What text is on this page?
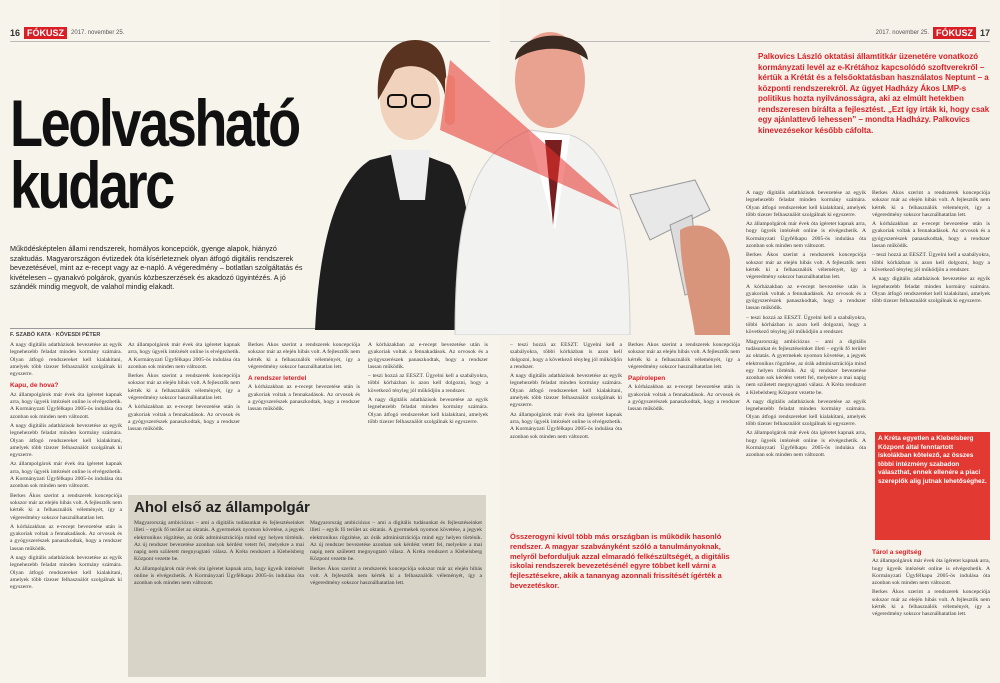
16 FÓKUSZ	2017. november 25.
Leolvasható
kudarc
Működésképtelen állami rendszerek, homályos koncepciók, gyenge alapok, hiányzó szaktudás. Magyarországon évtizedek óta kísérleteznek olyan átfogó digitális rendszerek bevezetésével, mint az e-recept vagy az e-napló. A végeredmény – botlatlan szolgáltatás és kivételesen – gyanakvó polgárok, gyanús közbeszerzések és akadozó ügyintézés. A jó szándék mindig megvolt, de valahol mindig elakadt.
F. SZABÓ KATA · KÖVESDI PÉTER

A nagy digitális adatbázisok bevezetése az egyik legnehezebb feladat minden kormány számára. Olyan átfogó rendszereket kell kialakítani, amelyek több tízezer felhasználót szolgálnak ki egyszerre.

Kapu, de hova?

Az állampolgárok már évek óta ígéretet kapnak arra, hogy ügyeik intézését online is elvégezhetik. A Kormányzati Ügyfélkapu 2005-ös indulása óta azonban sok minden nem változott.

A nagy digitális adatbázisok bevezetése az egyik legnehezebb feladat minden kormány számára. Olyan átfogó rendszereket kell kialakítani, amelyek több tízezer felhasználót szolgálnak ki egyszerre.

Az állampolgárok már évek óta ígéretet kapnak arra, hogy ügyeik intézését online is elvégezhetik. A Kormányzati Ügyfélkapu 2005-ös indulása óta azonban sok minden nem változott.

Berkes Ákos szerint a rendszerek koncepciója sokszor már az elején hibás volt. A fejlesztők nem kérték ki a felhasználók véleményét, így a végeredmény sokszor használhatatlan lett.

A kórházakban az e-recept bevezetése után is gyakoriak voltak a fennakadások. Az orvosok és a gyógyszerészek panaszkodtak, hogy a rendszer lassan működik.

A nagy digitális adatbázisok bevezetése az egyik legnehezebb feladat minden kormány számára. Olyan átfogó rendszereket kell kialakítani, amelyek több tízezer felhasználót szolgálnak ki egyszerre.

Az állampolgárok már évek óta ígéretet kapnak arra, hogy ügyeik intézését online is elvégezhetik. A Kormányzati Ügyfélkapu 2005-ös indulása óta azonban sok minden nem változott.

Berkes Ákos szerint a rendszerek koncepciója sokszor már az elején hibás volt. A fejlesztők nem kérték ki a felhasználók véleményét, így a végeredmény sokszor használhatatlan lett.

A kórházakban az e-recept bevezetése után is gyakoriak voltak a fennakadások. Az orvosok és a gyógyszerészek panaszkodtak, hogy a rendszer lassan működik.

Berkes Ákos szerint a rendszerek koncepciója sokszor már az elején hibás volt. A fejlesztők nem kérték ki a felhasználók véleményét, így a végeredmény sokszor használhatatlan lett.

A rendszer leterdel

A kórházakban az e-recept bevezetése után is gyakoriak voltak a fennakadások. Az orvosok és a gyógyszerészek panaszkodtak, hogy a rendszer lassan működik.

A kórházakban az e-recept bevezetése után is gyakoriak voltak a fennakadások. Az orvosok és a gyógyszerészek panaszkodtak, hogy a rendszer lassan működik.

– teszi hozzá az EESZT. Ügyelni kell a szabályokra, többi kórházban is azon kell dolgozni, hogy a következő tényleg jól működjön a rendszer.

A nagy digitális adatbázisok bevezetése az egyik legnehezebb feladat minden kormány számára. Olyan átfogó rendszereket kell kialakítani, amelyek több tízezer felhasználót szolgálnak ki egyszerre.

Ahol első az állampolgár

Magyarország ambiciózus – ami a digitális tudásunkat és fejlesztéseinket illeti – egyik fő terület az oktatás. A gyermekek nyomon követése, a jegyek elektronikus rögzítése, az órák adminisztrációja mind egy helyen történik. Az új rendszer bevezetése azonban sok kérdést vetett fel, melyekre a mai napig nem született megnyugtató válasz. A Kréta rendszert a Klebelsberg Központ vezette be.

Az állampolgárok már évek óta ígéretet kapnak arra, hogy ügyeik intézését online is elvégezhetik. A Kormányzati Ügyfélkapu 2005-ös indulása óta azonban sok minden nem változott.

Magyarország ambiciózus – ami a digitális tudásunkat és fejlesztéseinket illeti – egyik fő terület az oktatás. A gyermekek nyomon követése, a jegyek elektronikus rögzítése, az órák adminisztrációja mind egy helyen történik. Az új rendszer bevezetése azonban sok kérdést vetett fel, melyekre a mai napig nem született megnyugtató válasz. A Kréta rendszert a Klebelsberg Központ vezette be.

Berkes Ákos szerint a rendszerek koncepciója sokszor már az elején hibás volt. A fejlesztők nem kérték ki a felhasználók véleményét, így a végeredmény sokszor használhatatlan lett.

2017. november 25. FÓKUSZ 17
Palkovics László oktatási államtitkár üzenetére vonatkozó kormányzati levél az e-Krétához kapcsolódó szoftverekről – kértük a Krétát és a felsőoktatásban használatos Neptunt – a központi rendszerekről. Az ügyet Hadházy Ákos LMP-s politikus hozta nyilvánosságra, aki az elmúlt hetekben rendszeresen bírálta a fejlesztést. „Ezt így írták ki, hogy csak egy ajánlattevő lehessen” – mondta Hadházy. Palkovics kinevezésekor később cáfolta.

– teszi hozzá az EESZT. Ügyelni kell a szabályokra, többi kórházban is azon kell dolgozni, hogy a következő tényleg jól működjön a rendszer.

A nagy digitális adatbázisok bevezetése az egyik legnehezebb feladat minden kormány számára. Olyan átfogó rendszereket kell kialakítani, amelyek több tízezer felhasználót szolgálnak ki egyszerre.

Az állampolgárok már évek óta ígéretet kapnak arra, hogy ügyeik intézését online is elvégezhetik. A Kormányzati Ügyfélkapu 2005-ös indulása óta azonban sok minden nem változott.

Berkes Ákos szerint a rendszerek koncepciója sokszor már az elején hibás volt. A fejlesztők nem kérték ki a felhasználók véleményét, így a végeredmény sokszor használhatatlan lett.

Papírolepen

A kórházakban az e-recept bevezetése után is gyakoriak voltak a fennakadások. Az orvosok és a gyógyszerészek panaszkodtak, hogy a rendszer lassan működik.

A nagy digitális adatbázisok bevezetése az egyik legnehezebb feladat minden kormány számára. Olyan átfogó rendszereket kell kialakítani, amelyek több tízezer felhasználót szolgálnak ki egyszerre.

Az állampolgárok már évek óta ígéretet kapnak arra, hogy ügyeik intézését online is elvégezhetik. A Kormányzati Ügyfélkapu 2005-ös indulása óta azonban sok minden nem változott.

Berkes Ákos szerint a rendszerek koncepciója sokszor már az elején hibás volt. A fejlesztők nem kérték ki a felhasználók véleményét, így a végeredmény sokszor használhatatlan lett.

A kórházakban az e-recept bevezetése után is gyakoriak voltak a fennakadások. Az orvosok és a gyógyszerészek panaszkodtak, hogy a rendszer lassan működik.

– teszi hozzá az EESZT. Ügyelni kell a szabályokra, többi kórházban is azon kell dolgozni, hogy a következő tényleg jól működjön a rendszer.

Magyarország ambiciózus – ami a digitális tudásunkat és fejlesztéseinket illeti – egyik fő terület az oktatás. A gyermekek nyomon követése, a jegyek elektronikus rögzítése, az órák adminisztrációja mind egy helyen történik. Az új rendszer bevezetése azonban sok kérdést vetett fel, melyekre a mai napig nem született megnyugtató válasz. A Kréta rendszert a Klebelsberg Központ vezette be.

A nagy digitális adatbázisok bevezetése az egyik legnehezebb feladat minden kormány számára. Olyan átfogó rendszereket kell kialakítani, amelyek több tízezer felhasználót szolgálnak ki egyszerre.

Az állampolgárok már évek óta ígéretet kapnak arra, hogy ügyeik intézését online is elvégezhetik. A Kormányzati Ügyfélkapu 2005-ös indulása óta azonban sok minden nem változott.

Berkes Ákos szerint a rendszerek koncepciója sokszor már az elején hibás volt. A fejlesztők nem kérték ki a felhasználók véleményét, így a végeredmény sokszor használhatatlan lett.

A kórházakban az e-recept bevezetése után is gyakoriak voltak a fennakadások. Az orvosok és a gyógyszerészek panaszkodtak, hogy a rendszer lassan működik.

– teszi hozzá az EESZT. Ügyelni kell a szabályokra, többi kórházban is azon kell dolgozni, hogy a következő tényleg jól működjön a rendszer.

A nagy digitális adatbázisok bevezetése az egyik legnehezebb feladat minden kormány számára. Olyan átfogó rendszereket kell kialakítani, amelyek több tízezer felhasználót szolgálnak ki egyszerre.

Tárol a segítség

Az állampolgárok már évek óta ígéretet kapnak arra, hogy ügyeik intézését online is elvégezhetik. A Kormányzati Ügyfélkapu 2005-ös indulása óta azonban sok minden nem változott.

Berkes Ákos szerint a rendszerek koncepciója sokszor már az elején hibás volt. A fejlesztők nem kérték ki a felhasználók véleményét, így a végeredmény sokszor használhatatlan lett.

Összerogyni kívül több más országban is működik hasonló rendszer. A magyar szabványként szóló a tanulmányoknak, melyről beforduljuk azzal elmaradó felkészültségét, a digitális iskolai rendszerek bevezetésénél egyre többet kell várni a fejlesztésekre, akik a tananyag azonnali frissítését ígérték a bevezetéskor.
A Kréta egyetlen a Klebelsberg Központ által fenntartott iskolákban kötelező, az összes többi intézmény szabadon választhat, ennek ellenére a piaci szereplők alig jutnak lehetőséghez.
